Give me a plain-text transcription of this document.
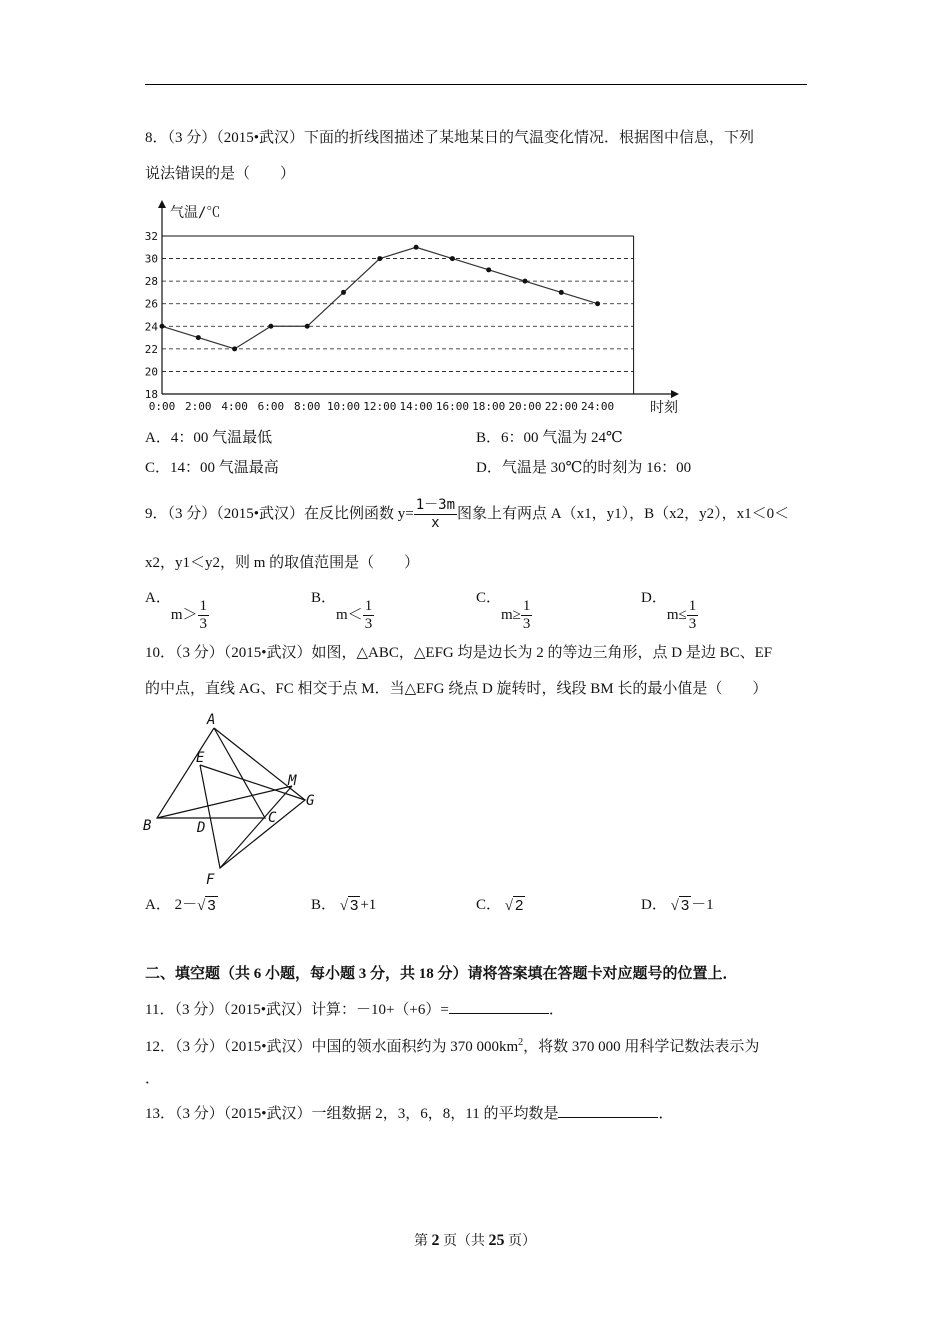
8．（3 分）（2015•武汉）下面的折线图描述了某地某日的气温变化情况．根据图中信息，下列
说法错误的是（　　）
18
20
22
24
26
28
30
32
0:00 2:00 4:00 6:00 8:00 10:00 12:00 14:00 16:00 18:00 20:00 22:00 24:00
气温/℃
时刻
A．4：00 气温最低	B．6：00 气温为 24℃
C．14：00 气温最高	D．气温是 30℃的时刻为 16：00
9．（3 分）（2015•武汉）在反比例函数 $y= \frac{1-3m}{x}$ 图象上有两点 A（x1，y1），B（x2，y2），x1＜0＜
x2，y1＜y2，则 m 的取值范围是（　　）
A．$m> \frac{1}{3}$	B．$m< \frac{1}{3}$	C．$m\ge \frac{1}{3}$	D．$m\le \frac{1}{3}$
10．（3 分）（2015•武汉）如图，△ABC，△EFG 均是边长为 2 的等边三角形，点 D 是边 BC、EF
的中点，直线 AG、FC 相交于点 M．当△EFG 绕点 D 旋转时，线段 BM 长的最小值是（　　）
A
E
M
G
B	D
C
F
A． 2－√ 3	B． √ 3 +1	C． √ 2	D． √ 3 －1
二、填空题（共 6 小题，每小题 3 分，共 18 分）请将答案填在答题卡对应题号的位置上．
11．（3 分）（2015•武汉）计算：－10+（+6）=	．
12．（3 分）（2015•武汉）中国的领水面积约为 370 $000km^2$，将数 370 000 用科学记数法表示为
．
13．（3 分）（2015•武汉）一组数据 2，3，6，8，11 的平均数是	．
第 2 页（共 25 页）
